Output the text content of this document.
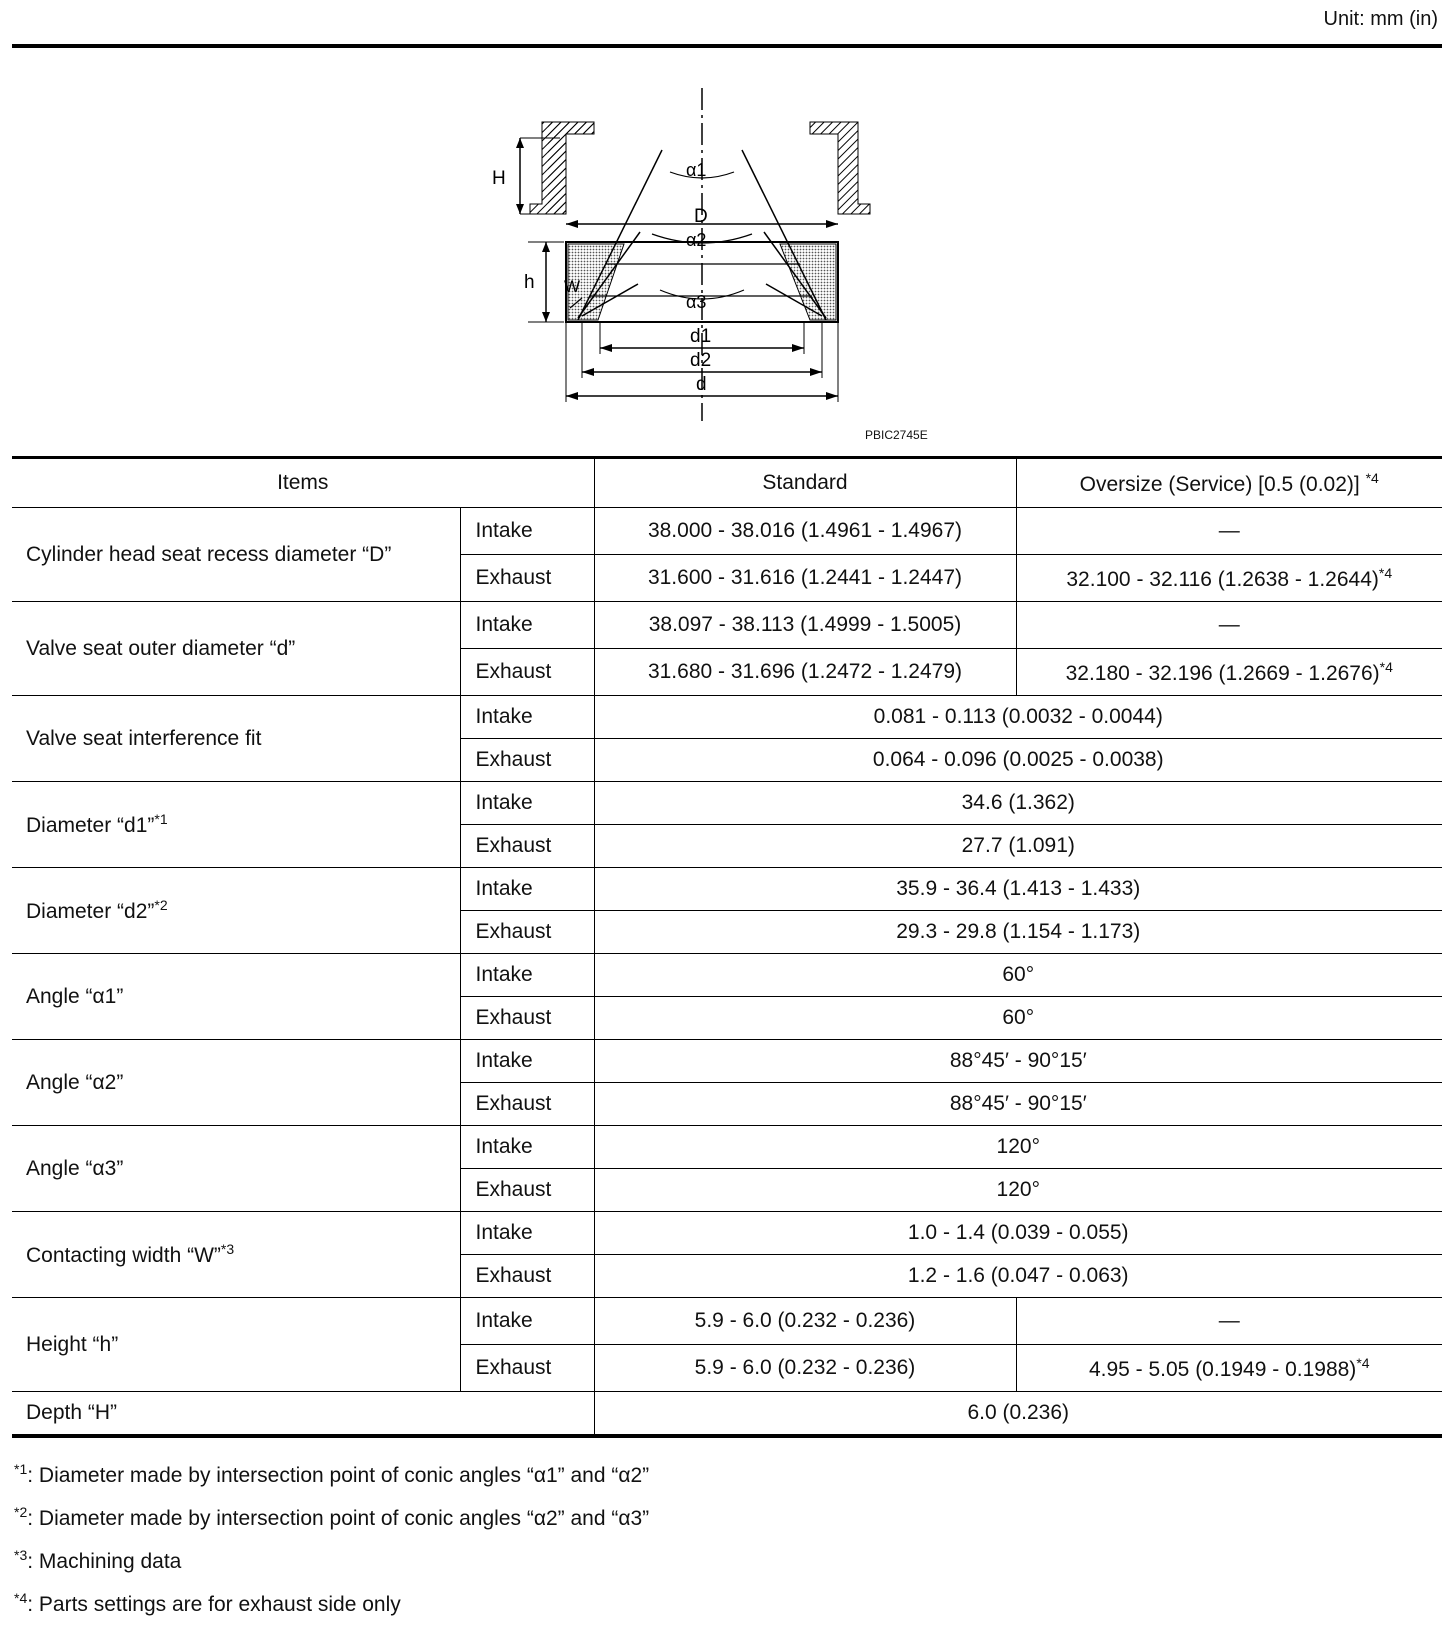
Unit: mm (in)
H
D
h W
α1
α2
α3
d1
d2
d
PBIC2745E
Items		Standard	Oversize (Service) [0.5 (0.02)] $^{*4}$
Cylinder head seat recess diameter “D”	Intake	38.000 - 38.016 (1.4961 - 1.4967)	—
	Exhaust	31.600 - 31.616 (1.2441 - 1.2447)	32.100 - 32.116 (1.2638 - 1.2644)$^{*4}$
Valve seat outer diameter “d”	Intake	38.097 - 38.113 (1.4999 - 1.5005)	—
	Exhaust	31.680 - 31.696 (1.2472 - 1.2479)	32.180 - 32.196 (1.2669 - 1.2676)$^{*4}$
Valve seat interference fit	Intake	0.081 - 0.113 (0.0032 - 0.0044)	
	Exhaust	0.064 - 0.096 (0.0025 - 0.0038)	
Diameter “d1”$^{*1}$	Intake	34.6 (1.362)	
	Exhaust	27.7 (1.091)	
Diameter “d2”$^{*2}$	Intake	35.9 - 36.4 (1.413 - 1.433)	
	Exhaust	29.3 - 29.8 (1.154 - 1.173)	
Angle “α1”	Intake	60°	
	Exhaust	60°	
Angle “α2”	Intake	88°45′ - 90°15′	
	Exhaust	88°45′ - 90°15′	
Angle “α3”	Intake	120°	
	Exhaust	120°	
Contacting width “W”$^{*3}$	Intake	1.0 - 1.4 (0.039 - 0.055)	
	Exhaust	1.2 - 1.6 (0.047 - 0.063)	
Height “h”	Intake	5.9 - 6.0 (0.232 - 0.236)	—
	Exhaust	5.9 - 6.0 (0.232 - 0.236)	4.95 - 5.05 (0.1949 - 0.1988)$^{*4}$
Depth “H”		6.0 (0.236)	
$^{*1}$: Diameter made by intersection point of conic angles “α1” and “α2”
$^{*2}$: Diameter made by intersection point of conic angles “α2” and “α3”
$^{*3}$: Machining data
$^{*4}$: Parts settings are for exhaust side only
